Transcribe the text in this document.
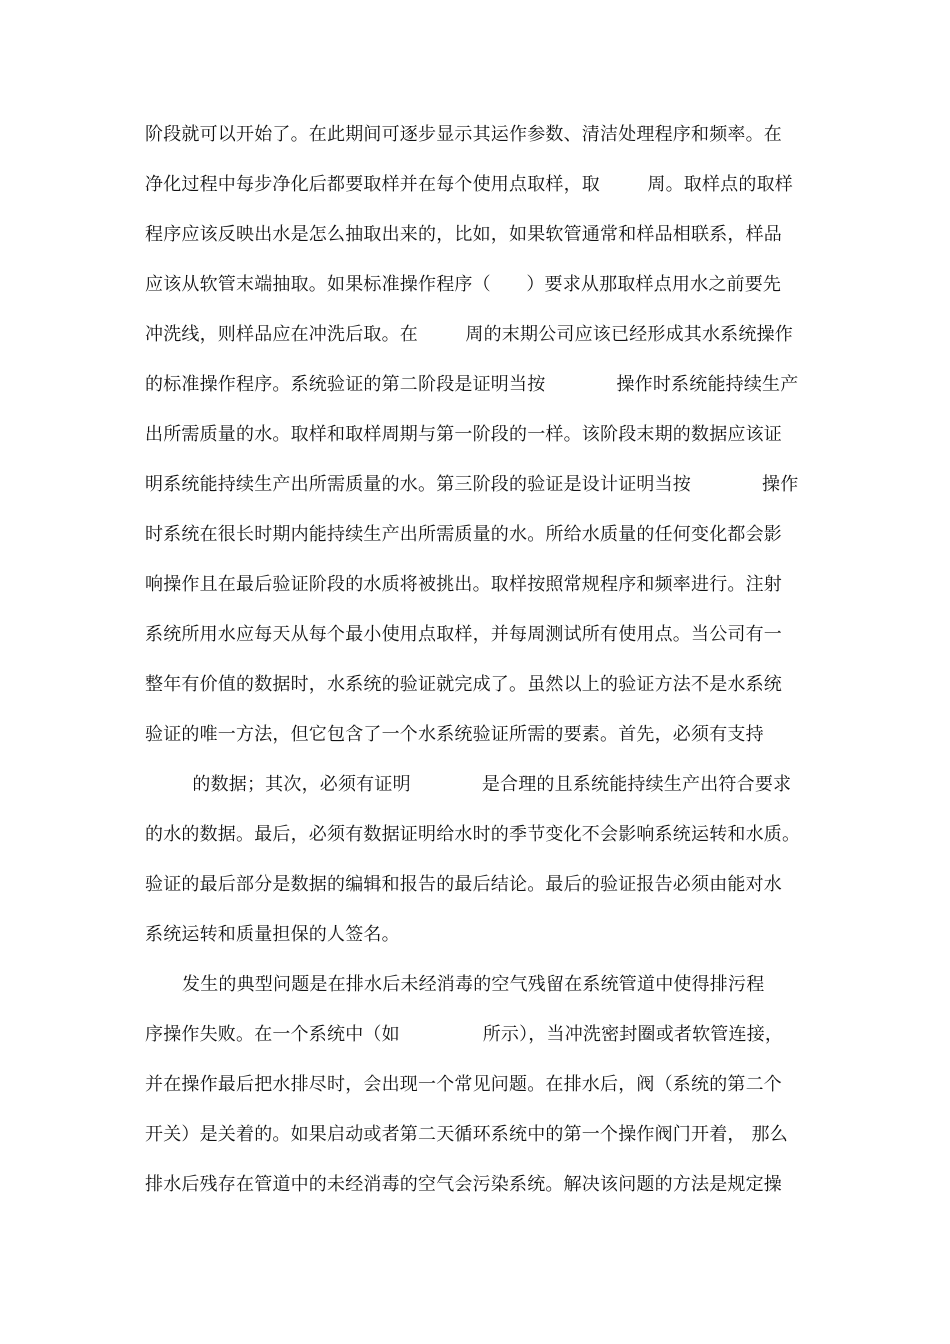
阶段就可以开始了。在此期间可逐步显示其运作参数、清洁处理程序和频率。在
净化过程中每步净化后都要取样并在每个使用点取样，取        周。取样点的取样
程序应该反映出水是怎么抽取出来的，比如，如果软管通常和样品相联系，样品
应该从软管末端抽取。如果标准操作程序（      ）要求从那取样点用水之前要先
冲洗线，则样品应在冲洗后取。在        周的末期公司应该已经形成其水系统操作
的标准操作程序。系统验证的第二阶段是证明当按            操作时系统能持续生产
出所需质量的水。取样和取样周期与第一阶段的一样。该阶段末期的数据应该证
明系统能持续生产出所需质量的水。第三阶段的验证是设计证明当按            操作
时系统在很长时期内能持续生产出所需质量的水。所给水质量的任何变化都会影
响操作且在最后验证阶段的水质将被挑出。取样按照常规程序和频率进行。注射
系统所用水应每天从每个最小使用点取样，并每周测试所有使用点。当公司有一
整年有价值的数据时，水系统的验证就完成了。虽然以上的验证方法不是水系统
验证的唯一方法，但它包含了一个水系统验证所需的要素。首先，必须有支持
的数据；其次，必须有证明            是合理的且系统能持续生产出符合要求
的水的数据。最后，必须有数据证明给水时的季节变化不会影响系统运转和水质。
验证的最后部分是数据的编辑和报告的最后结论。最后的验证报告必须由能对水
系统运转和质量担保的人签名。
发生的典型问题是在排水后未经消毒的空气残留在系统管道中使得排污程
序操作失败。在一个系统中（如              所示），当冲洗密封圈或者软管连接，
并在操作最后把水排尽时，会出现一个常见问题。在排水后，阀（系统的第二个
开关）是关着的。如果启动或者第二天循环系统中的第一个操作阀门开着， 那么
排水后残存在管道中的未经消毒的空气会污染系统。解决该问题的方法是规定操
